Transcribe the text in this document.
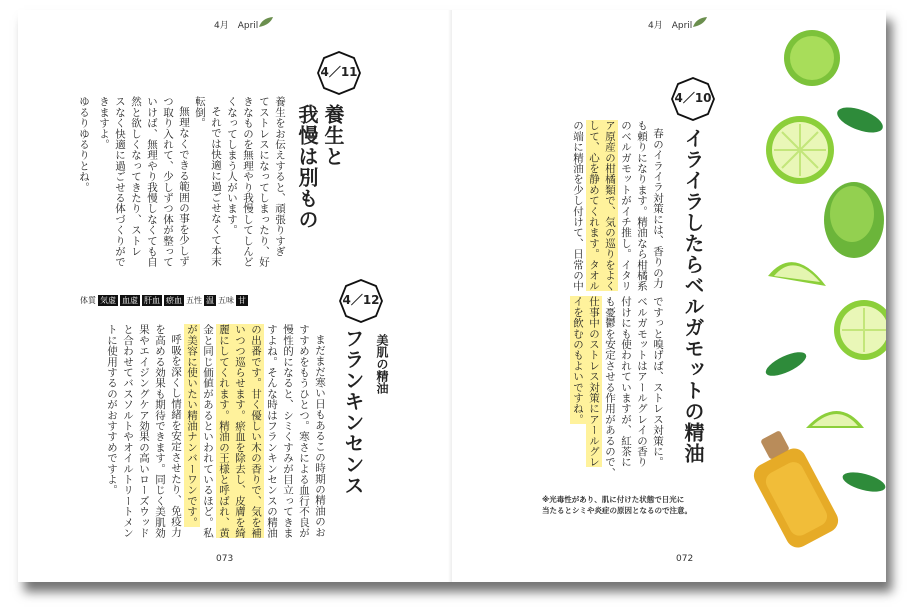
4月　April
4／11
養生と
我慢は別もの
養生をお伝えすると、頑張りすぎ
てストレスになってしまったり、好
きなものを無理やり我慢してしんど
くなってしまう人がいます。
それでは快適に過ごせなくて本末
転倒。
無理なくできる範囲の事を少しず
つ取り入れて、少しずつ体が整って
いけば、無理やり我慢しなくても自
然と欲しくなってきたり、ストレ
スなく快適に過ごせる体づくりがで
きますよ。
ゆるりゆるりとね。
体質 気虚 血虚 肝血 瘀血 五性 温 五味 甘	4／12
美肌の精油
フランキンセンス
まだまだ寒い日もあるこの時期の精油のお
すすめをもうひとつ。寒さによる血行不良が
慢性的になると、シミくすみが目立ってきま
すよね。そんな時はフランキンセンスの精油
の出番です。甘く優しい木の香りで、気を補
いつつ巡らせます。瘀血を除去し、皮膚を綺
麗にしてくれます。精油の王様と呼ばれ、黄
金と同じ価値があるといわれているほど。私
が美容に使いたい精油ナンバーワンです。
呼吸を深くし情緒を安定させたり、免疫力
を高める効果も期待できます。同じく美肌効
果やエイジングケア効果の高いローズウッド
と合わせてバスソルトやオイルトリートメン
トに使用するのがおすすめですよ。
073
4月　April
4／10
イライラしたらベルガモットの精油
春のイライラ対策には、香りの力
も頼りになります。精油なら柑橘系
のベルガモットがイチ推し。イタリ
ア原産の柑橘類で、気の巡りをよく
して、心を静めてくれます。タオル
の端に精油を少し付けて、日常の中
ですっと嗅げば、ストレス対策に。
ベルガモットはアールグレイの香り
付けにも使われていますが、紅茶に
も憂鬱を安定させる作用があるので、
仕事中のストレス対策にアールグレ
イを飲むのもよいですね。
※光毒性があり、肌に付けた状態で日光に
当たるとシミや炎症の原因となるので注意。
072
